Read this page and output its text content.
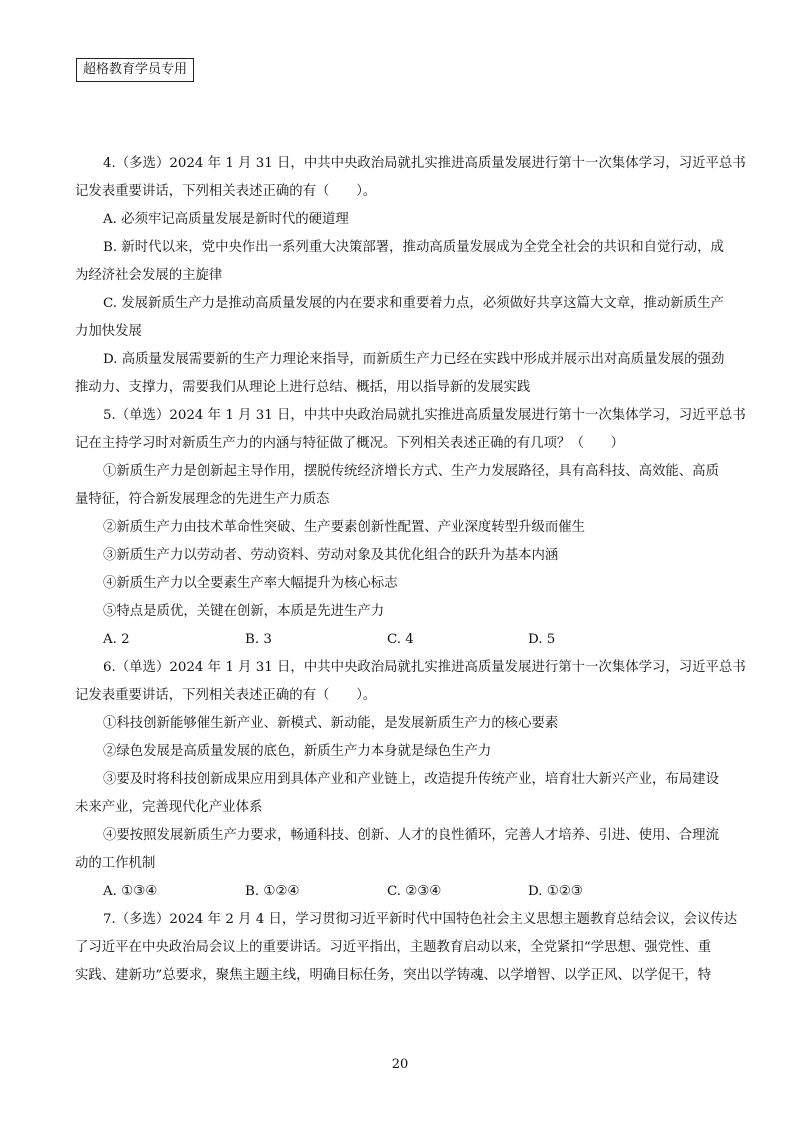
超格教育学员专用
4.（多选）2024 年 1 月 31 日，中共中央政治局就扎实推进高质量发展进行第十一次集体学习，习近平总书
记发表重要讲话，下列相关表述正确的有（　　）。
A. 必须牢记高质量发展是新时代的硬道理
B. 新时代以来，党中央作出一系列重大决策部署，推动高质量发展成为全党全社会的共识和自觉行动，成
为经济社会发展的主旋律
C. 发展新质生产力是推动高质量发展的内在要求和重要着力点，必须做好共享这篇大文章，推动新质生产
力加快发展
D. 高质量发展需要新的生产力理论来指导，而新质生产力已经在实践中形成并展示出对高质量发展的强劲
推动力、支撑力，需要我们从理论上进行总结、概括，用以指导新的发展实践
5.（单选）2024 年 1 月 31 日，中共中央政治局就扎实推进高质量发展进行第十一次集体学习，习近平总书
记在主持学习时对新质生产力的内涵与特征做了概况。下列相关表述正确的有几项？（　　）
①新质生产力是创新起主导作用，摆脱传统经济增长方式、生产力发展路径，具有高科技、高效能、高质
量特征，符合新发展理念的先进生产力质态
②新质生产力由技术革命性突破、生产要素创新性配置、产业深度转型升级而催生
③新质生产力以劳动者、劳动资料、劳动对象及其优化组合的跃升为基本内涵
④新质生产力以全要素生产率大幅提升为核心标志
⑤特点是质优，关键在创新，本质是先进生产力
A. 2	B. 3	C. 4	D. 5
6.（单选）2024 年 1 月 31 日，中共中央政治局就扎实推进高质量发展进行第十一次集体学习，习近平总书
记发表重要讲话，下列相关表述正确的有（　　）。
①科技创新能够催生新产业、新模式、新动能，是发展新质生产力的核心要素
②绿色发展是高质量发展的底色，新质生产力本身就是绿色生产力
③要及时将科技创新成果应用到具体产业和产业链上，改造提升传统产业，培育壮大新兴产业，布局建设
未来产业，完善现代化产业体系
④要按照发展新质生产力要求，畅通科技、创新、人才的良性循环，完善人才培养、引进、使用、合理流
动的工作机制
A. ①③④	B. ①②④	C. ②③④	D. ①②③
7.（多选）2024 年 2 月 4 日，学习贯彻习近平新时代中国特色社会主义思想主题教育总结会议，会议传达
了习近平在中央政治局会议上的重要讲话。习近平指出，主题教育启动以来，全党紧扣“学思想、强党性、重
实践、建新功”总要求，聚焦主题主线，明确目标任务，突出以学铸魂、以学增智、以学正风、以学促干，特
20
